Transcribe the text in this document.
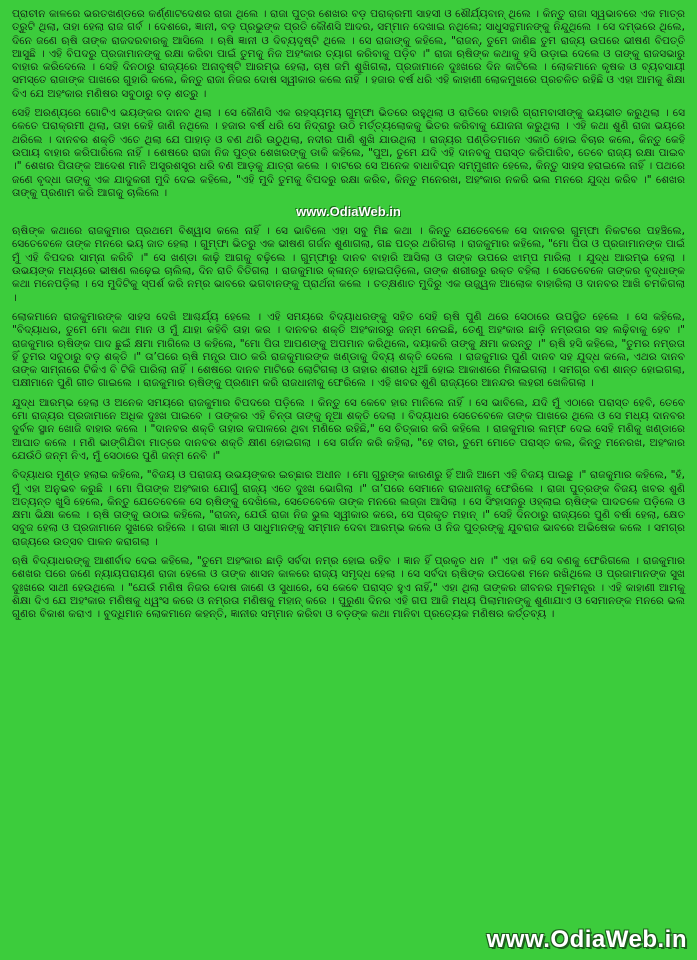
ପ୍ରାଚୀନ କାଳରେ ଭରତଖଣ୍ଡରେ କର୍ଣ୍ଣାଟଦେଶର ରାଜା ଥିଲେ । ରାଜା ପୁତ୍ର ଶେଖର ବଡ଼ ପରାକ୍ରମୀ ସାହସୀ ଓ ଶୌର୍ଯ୍ୟବାନ୍ ଥିଲେ । କିନ୍ତୁ ରାଜା ସ୍ୱଭାବରେ ଏକ ମାତ୍ର ତ୍ରୁଟି ଥିଲା, ତାହା ହେଲା ରାଜ ଗର୍ବ । ଦେଶରେ, ଜ୍ଞାନୀ, ବଡ଼ ପ୍ରଭୁଙ୍କ ପ୍ରତି କୌଣସି ଆଦର, ସମ୍ମାନ ଦେଖାଇ ନଥିଲେ; ସାଧୁସନ୍ଥମାନଙ୍କୁ ନିନ୍ଦୁଥିଲେ । ସେ ଦମ୍ଭରେ ଥିଲେ, ଦିନେ ଜଣେ ଋଷି ତାଙ୍କ ରାଜଦରବାରକୁ ଆସିଲେ । ଋଷି ଜ୍ଞାନୀ ଓ ଦିବ୍ୟଦୃଷ୍ଟି ଥିଲେ । ସେ ରାଜାଙ୍କୁ କହିଲେ, "ରାଜନ୍, ତୁମେ ଜାଣିଛ ତୁମ ରାଜ୍ୟ ଉପରେ ଭୀଷଣ ବିପତ୍ତି ଆସୁଛି । ଏହି ବିପଦରୁ ପ୍ରଜାମାନଙ୍କୁ ରକ୍ଷା କରିବା ପାଇଁ ତୁମକୁ ନିଜ ଅହଂକାର ତ୍ୟାଗ କରିବାକୁ ପଡ଼ିବ ।" ରାଜା ଋଷିଙ୍କ କଥାକୁ ହସି ଉଡ଼ାଇ ଦେଲେ ଓ ତାଙ୍କୁ ରାଜସଭାରୁ ବାହାର କରିଦେଲେ । ସେହି ଦିନଠାରୁ ରାଜ୍ୟରେ ଅନାବୃଷ୍ଟି ଆରମ୍ଭ ହେଲା, ଚାଷ ଜମି ଶୁଖିଗଲା, ପ୍ରଜାମାନେ ଦୁଃଖରେ ଦିନ କାଟିଲେ । ଲୋକମାନେ କୃଷକ ଓ ବ୍ୟବସାୟୀ ସମସ୍ତେ ରାଜାଙ୍କ ପାଖରେ ଗୁହାରି କଲେ, କିନ୍ତୁ ରାଜା ନିଜର ଦୋଷ ସ୍ୱୀକାର କଲେ ନାହିଁ । ହଜାର ବର୍ଷ ଧରି ଏହି କାହାଣୀ ଲୋକମୁଖରେ ପ୍ରଚଳିତ ରହିଛି ଓ ଏହା ଆମକୁ ଶିକ୍ଷା ଦିଏ ଯେ ଅହଂକାର ମଣିଷର ସବୁଠାରୁ ବଡ଼ ଶତ୍ରୁ ।

ସେହି ଅରଣ୍ୟରେ ଗୋଟିଏ ଭୟଙ୍କର ଦାନବ ଥିଲା । ସେ କୌଣସି ଏକ ରହସ୍ୟମୟ ଗୁମ୍ଫା ଭିତରେ ରହୁଥିଲା ଓ ରାତିରେ ବାହାରି ଗ୍ରାମବାସୀଙ୍କୁ ଭୟଭୀତ କରୁଥିଲା । ସେ କେତେ ପରାକ୍ରମୀ ଥିଲା, ତାହା କେହି ଜାଣି ନଥିଲେ । ହଜାର ବର୍ଷ ଧରି ସେ ନିଦ୍ରାରୁ ଉଠି ମର୍ତ୍ତ୍ୟଲୋକକୁ ଭିତର କରିବାକୁ ଯୋଜନା କରୁଥିଲା । ଏହି କଥା ଶୁଣି ରାଜା ଭୟରେ ଥରିଲେ । ଦାନବର ଶକ୍ତି ଏତେ ଥିଲା ଯେ ପାହାଡ଼ ଓ ବଣ ଥରି ଉଠୁଥିଲା, ନଦୀର ପାଣି ଶୁଖି ଯାଉଥିଲା । ରାଜ୍ୟର ପଣ୍ଡିତମାନେ ଏକାଠି ହୋଇ ବିଚାର କଲେ, କିନ୍ତୁ କେହି ଉପାୟ ବାହାର କରିପାରିଲେ ନାହିଁ । ଶେଷରେ ରାଜା ନିଜ ପୁତ୍ର ଶେଖରଙ୍କୁ ଡାକି କହିଲେ, "ପୁଅ, ତୁମେ ଯଦି ଏହି ଦାନବକୁ ପରାସ୍ତ କରିପାରିବ, ତେବେ ରାଜ୍ୟ ରକ୍ଷା ପାଇବ ।" ଶେଖର ପିତାଙ୍କ ଆଦେଶ ମାନି ଅସ୍ତ୍ରଶସ୍ତ୍ର ଧରି ବଣ ଆଡ଼କୁ ଯାତ୍ରା କଲେ । ବାଟରେ ସେ ଅନେକ ବାଧାବିଘ୍ନ ସମ୍ମୁଖୀନ ହେଲେ, କିନ୍ତୁ ସାହସ ହରାଇଲେ ନାହିଁ । ପଥରେ ଜଣେ ବୃଦ୍ଧା ତାଙ୍କୁ ଏକ ଯାଦୁକରୀ ମୁଦି ଦେଇ କହିଲେ, "ଏହି ମୁଦି ତୁମକୁ ବିପଦରୁ ରକ୍ଷା କରିବ, କିନ୍ତୁ ମନେରଖ, ଅହଂକାର ନକରି ଭଲ ମନରେ ଯୁଦ୍ଧ କରିବ ।" ଶେଖର ତାଙ୍କୁ ପ୍ରଣାମ କରି ଆଗକୁ ଚାଲିଲେ ।

www.OdiaWeb.in

ଋଷିଙ୍କ କଥାରେ ରାଜକୁମାର ପ୍ରଥମେ ବିଶ୍ୱାସ କଲେ ନାହିଁ । ସେ ଭାବିଲେ ଏହା ସବୁ ମିଛ କଥା । କିନ୍ତୁ ଯେତେବେଳେ ସେ ଦାନବର ଗୁମ୍ଫା ନିକଟରେ ପହଞ୍ଚିଲେ, ସେତେବେଳେ ତାଙ୍କ ମନରେ ଭୟ ଜାତ ହେଲା । ଗୁମ୍ଫା ଭିତରୁ ଏକ ଭୀଷଣ ଗର୍ଜନ ଶୁଣାଗଲା, ଗଛ ପତ୍ର ଥରିଗଲା । ରାଜକୁମାର କହିଲେ, "ମୋ ପିତା ଓ ପ୍ରଜାମାନଙ୍କ ପାଇଁ ମୁଁ ଏହି ବିପଦର ସାମ୍ନା କରିବି ।" ସେ ଖଣ୍ଡା କାଢ଼ି ଆଗକୁ ବଢ଼ିଲେ । ଗୁମ୍ଫାରୁ ଦାନବ ବାହାରି ଆସିଲା ଓ ତାଙ୍କ ଉପରେ ଝାମ୍ପ ମାରିଲା । ଯୁଦ୍ଧ ଆରମ୍ଭ ହେଲା । ଉଭୟଙ୍କ ମଧ୍ୟରେ ଭୀଷଣ ଲଢ଼େଇ ଚାଲିଲା, ଦିନ ରାତି ବିତିଗଲା । ରାଜକୁମାର କ୍ଳାନ୍ତ ହୋଇପଡ଼ିଲେ, ତାଙ୍କ ଶରୀରରୁ ରକ୍ତ ବହିଲା । ସେତେବେଳେ ତାଙ୍କର ବୃଦ୍ଧାଙ୍କ କଥା ମନେପଡ଼ିଲା । ସେ ମୁଦିଟିକୁ ସ୍ପର୍ଶ କରି ନମ୍ର ଭାବରେ ଭଗବାନଙ୍କୁ ପ୍ରାର୍ଥନା କଲେ । ତତ୍କ୍ଷଣାତ ମୁଦିରୁ ଏକ ଉଜ୍ଜ୍ୱଳ ଆଲୋକ ବାହାରିଲା ଓ ଦାନବର ଆଖି ଚମକିଗଲା ।

ଲୋକମାନେ ରାଜକୁମାରଙ୍କ ସାହସ ଦେଖି ଆଶ୍ଚର୍ଯ୍ୟ ହେଲେ । ଏହି ସମୟରେ ବିଦ୍ୟାଧରଙ୍କୁ ସହିତ ସେହି ଋଷି ପୁଣି ଥରେ ସେଠାରେ ଉପସ୍ଥିତ ହେଲେ । ସେ କହିଲେ, "ବିଦ୍ୟାଧର, ତୁମେ ମୋ କଥା ମାନ ଓ ମୁଁ ଯାହା କହିବି ତାହା କର । ଦାନବର ଶକ୍ତି ଅହଂକାରରୁ ଜନ୍ମ ନେଇଛି, ତେଣୁ ଅହଂକାର ଛାଡ଼ି ନମ୍ରତାର ସହ ଲଢ଼ିବାକୁ ହେବ ।" ରାଜକୁମାର ଋଷିଙ୍କ ପାଦ ଛୁଇଁ କ୍ଷମା ମାଗିଲେ ଓ କହିଲେ, "ମୋ ପିତା ଆପଣଙ୍କୁ ଅପମାନ କରିଥିଲେ, ଦୟାକରି ତାଙ୍କୁ କ୍ଷମା କରନ୍ତୁ ।" ଋଷି ହସି କହିଲେ, "ତୁମର ନମ୍ରତା ହିଁ ତୁମର ସବୁଠାରୁ ବଡ଼ ଶକ୍ତି ।" ତା’ପରେ ଋଷି ମନ୍ତ୍ର ପାଠ କରି ରାଜକୁମାରଙ୍କ ଖଣ୍ଡାକୁ ଦିବ୍ୟ ଶକ୍ତି ଦେଲେ । ରାଜକୁମାର ପୁଣି ଦାନବ ସହ ଯୁଦ୍ଧ କଲେ, ଏଥର ଦାନବ ତାଙ୍କ ସାମ୍ନାରେ ଟିକିଏ ବି ଟିକି ପାରିଲା ନାହିଁ । ଶେଷରେ ଦାନବ ମାଟିରେ ଲୋଟିଗଲା ଓ ତାହାର ଶରୀର ଧୂଆଁ ହୋଇ ଆକାଶରେ ମିଳାଇଗଲା । ସମଗ୍ର ବଣ ଶାନ୍ତ ହୋଇଗଲା, ପକ୍ଷୀମାନେ ପୁଣି ଗୀତ ଗାଇଲେ । ରାଜକୁମାର ଋଷିଙ୍କୁ ପ୍ରଣାମ କରି ରାଜଧାନୀକୁ ଫେରିଲେ । ଏହି ଖବର ଶୁଣି ରାଜ୍ୟରେ ଆନନ୍ଦର ଲହରୀ ଖେଳିଗଲା ।

ଯୁଦ୍ଧ ଆରମ୍ଭ ହେଲା ଓ ଅନେକ ସମୟରେ ରାଜକୁମାର ବିପଦରେ ପଡ଼ିଲେ । କିନ୍ତୁ ସେ କେବେ ହାର ମାନିଲେ ନାହିଁ । ସେ ଭାବିଲେ, ଯଦି ମୁଁ ଏଠାରେ ପରାସ୍ତ ହେବି, ତେବେ ମୋ ରାଜ୍ୟର ପ୍ରଜାମାନେ ଅଧିକ ଦୁଃଖ ପାଇବେ । ତାଙ୍କର ଏହି ଚିନ୍ତା ତାଙ୍କୁ ନୂଆ ଶକ୍ତି ଦେଲା । ବିଦ୍ୟାଧର ସେତେବେଳେ ତାଙ୍କ ପାଖରେ ଥିଲେ ଓ ସେ ମଧ୍ୟ ଦାନବର ଦୁର୍ବଳ ସ୍ଥାନ ଖୋଜି ବାହାର କଲେ । "ଦାନବର ଶକ୍ତି ତାହାର କପାଳରେ ଥିବା ମଣିରେ ରହିଛି," ସେ ଚିତ୍କାର କରି କହିଲେ । ରାଜକୁମାର ଲମ୍ଫ ଦେଇ ସେହି ମଣିକୁ ଖଣ୍ଡାରେ ଆଘାତ କଲେ । ମଣି ଭାଙ୍ଗିଯିବା ମାତ୍ରେ ଦାନବର ଶକ୍ତି କ୍ଷୀଣ ହୋଇଗଲା । ସେ ଗର୍ଜନ କରି କହିଲା, "ହେ ବୀର, ତୁମେ ମୋତେ ପରାସ୍ତ କଲ, କିନ୍ତୁ ମନେରଖ, ଅହଂକାର ଯେଉଁଠି ଜନ୍ମ ନିଏ, ମୁଁ ସେଠାରେ ପୁଣି ଜନ୍ମ ନେବି ।"

ବିଦ୍ୟାଧର ମୁଣ୍ଡ ହଲାଇ କହିଲେ, "ବିଜୟ ଓ ପରାଜୟ ଉଭୟଙ୍କର ଇଚ୍ଛାର ଅଧୀନ । ମୋ ଗୁରୁଙ୍କ କାରଣରୁ ହିଁ ଆଜି ଆମେ ଏହି ବିଜୟ ପାଇଛୁ ।" ରାଜକୁମାର କହିଲେ, "ହଁ, ମୁଁ ଏହା ଅନୁଭବ କରୁଛି । ମୋ ପିତାଙ୍କ ଅହଂକାର ଯୋଗୁଁ ରାଜ୍ୟ ଏତେ ଦୁଃଖ ଭୋଗିଲା ।" ତା’ପରେ ସେମାନେ ରାଜଧାନୀକୁ ଫେରିଲେ । ରାଜା ପୁତ୍ରଙ୍କ ବିଜୟ ଖବର ଶୁଣି ଅତ୍ୟନ୍ତ ଖୁସି ହେଲେ, କିନ୍ତୁ ଯେତେବେଳେ ସେ ଋଷିଙ୍କୁ ଦେଖିଲେ, ସେତେବେଳେ ତାଙ୍କ ମନରେ ଲଜ୍ଜା ଆସିଲା । ସେ ସିଂହାସନରୁ ଓହ୍ଲାଇ ଋଷିଙ୍କ ପାଦତଳେ ପଡ଼ିଲେ ଓ କ୍ଷମା ଭିକ୍ଷା କଲେ । ଋଷି ତାଙ୍କୁ ଉଠାଇ କହିଲେ, "ରାଜନ୍, ଯେଉଁ ରାଜା ନିଜ ଭୁଲ ସ୍ୱୀକାର କରେ, ସେ ପ୍ରକୃତ ମହାନ୍ ।" ସେହି ଦିନଠାରୁ ରାଜ୍ୟରେ ପୁଣି ବର୍ଷା ହେଲା, କ୍ଷେତ ସବୁଜ ହେଲା ଓ ପ୍ରଜାମାନେ ସୁଖରେ ରହିଲେ । ରାଜା ଜ୍ଞାନୀ ଓ ସାଧୁମାନଙ୍କୁ ସମ୍ମାନ ଦେବା ଆରମ୍ଭ କଲେ ଓ ନିଜ ପୁତ୍ରଙ୍କୁ ଯୁବରାଜ ଭାବରେ ଅଭିଷେକ କଲେ । ସମଗ୍ର ରାଜ୍ୟରେ ଉତ୍ସବ ପାଳନ କରାଗଲା ।

ଋଷି ବିଦ୍ୟାଧରଙ୍କୁ ଆଶୀର୍ବାଦ ଦେଇ କହିଲେ, "ତୁମେ ଅହଂକାର ଛାଡ଼ି ସର୍ବଦା ନମ୍ର ହୋଇ ରହିବ । ଜ୍ଞାନ ହିଁ ପ୍ରକୃତ ଧନ ।" ଏହା କହି ସେ ବଣକୁ ଫେରିଗଲେ । ରାଜକୁମାର ଶେଖର ପରେ ଜଣେ ନ୍ୟାୟପରାୟଣ ରାଜା ହେଲେ ଓ ତାଙ୍କ ଶାସନ କାଳରେ ରାଜ୍ୟ ସମୃଦ୍ଧ ହେଲା । ସେ ସର୍ବଦା ଋଷିଙ୍କ ଉପଦେଶ ମନେ ରଖିଥିଲେ ଓ ପ୍ରଜାମାନଙ୍କ ସୁଖ ଦୁଃଖରେ ସାଥୀ ହେଉଥିଲେ । "ଯେଉଁ ମଣିଷ ନିଜର ଦୋଷ ଜାଣେ ଓ ସୁଧାରେ, ସେ କେବେ ପରାସ୍ତ ହୁଏ ନାହିଁ," ଏହା ଥିଲା ତାଙ୍କର ଜୀବନର ମୂଳମନ୍ତ୍ର । ଏହି କାହାଣୀ ଆମକୁ ଶିକ୍ଷା ଦିଏ ଯେ ଅହଂକାର ମଣିଷକୁ ଧ୍ୱଂସ କରେ ଓ ନମ୍ରତା ମଣିଷକୁ ମହାନ୍ କରେ । ପୁରୁଣା ଦିନର ଏହି ଗପ ଆଜି ମଧ୍ୟ ପିଲାମାନଙ୍କୁ ଶୁଣାଯାଏ ଓ ସେମାନଙ୍କ ମନରେ ଭଲ ଗୁଣର ବିକାଶ କରାଏ । ବୁଦ୍ଧିମାନ ଲୋକମାନେ କହନ୍ତି, ଜ୍ଞାନୀର ସମ୍ମାନ କରିବା ଓ ବଡ଼ଙ୍କ କଥା ମାନିବା ପ୍ରତ୍ୟେକ ମଣିଷର କର୍ତ୍ତବ୍ୟ ।

www.OdiaWeb.in
